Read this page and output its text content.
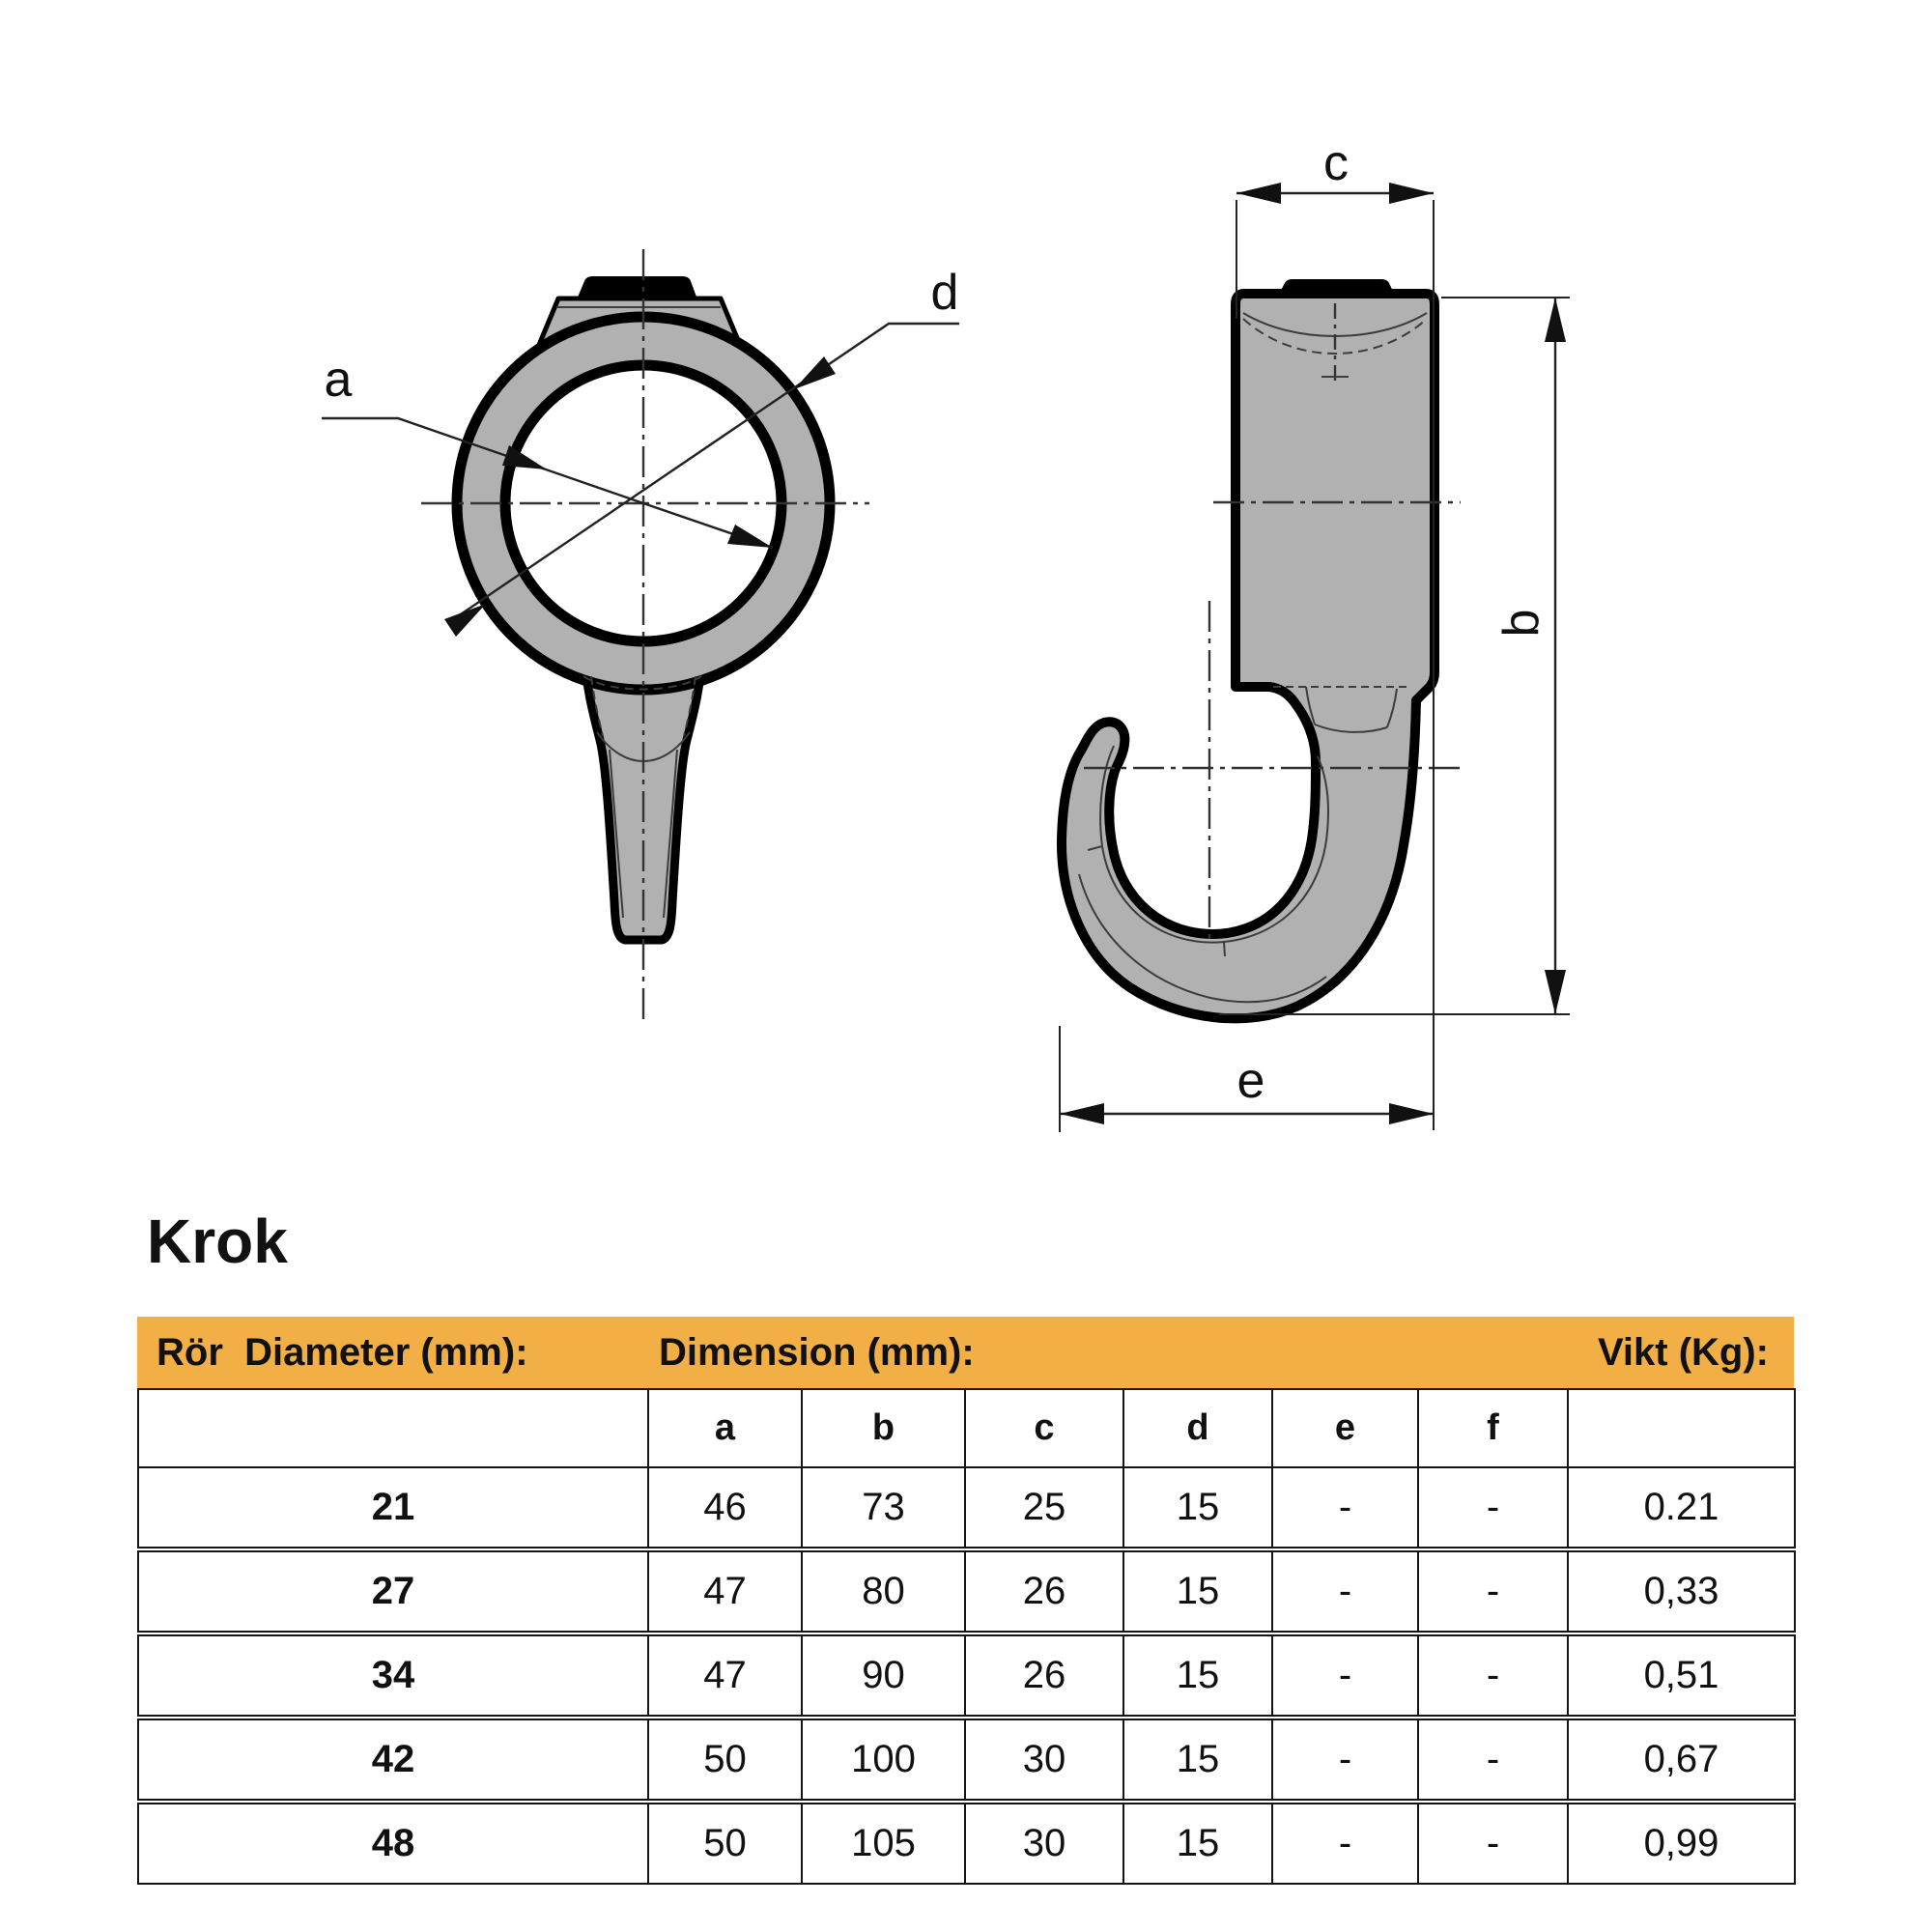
a
d
c
b
e
Krok
Rör  Diameter (mm):	Dimension (mm):	Vikt (Kg):
	a	b	c	d	e	f	
21	46	73	25	15	-	-	0.21
27	47	80	26	15	-	-	0,33
34	47	90	26	15	-	-	0,51
42	50	100	30	15	-	-	0,67
48	50	105	30	15	-	-	0,99
